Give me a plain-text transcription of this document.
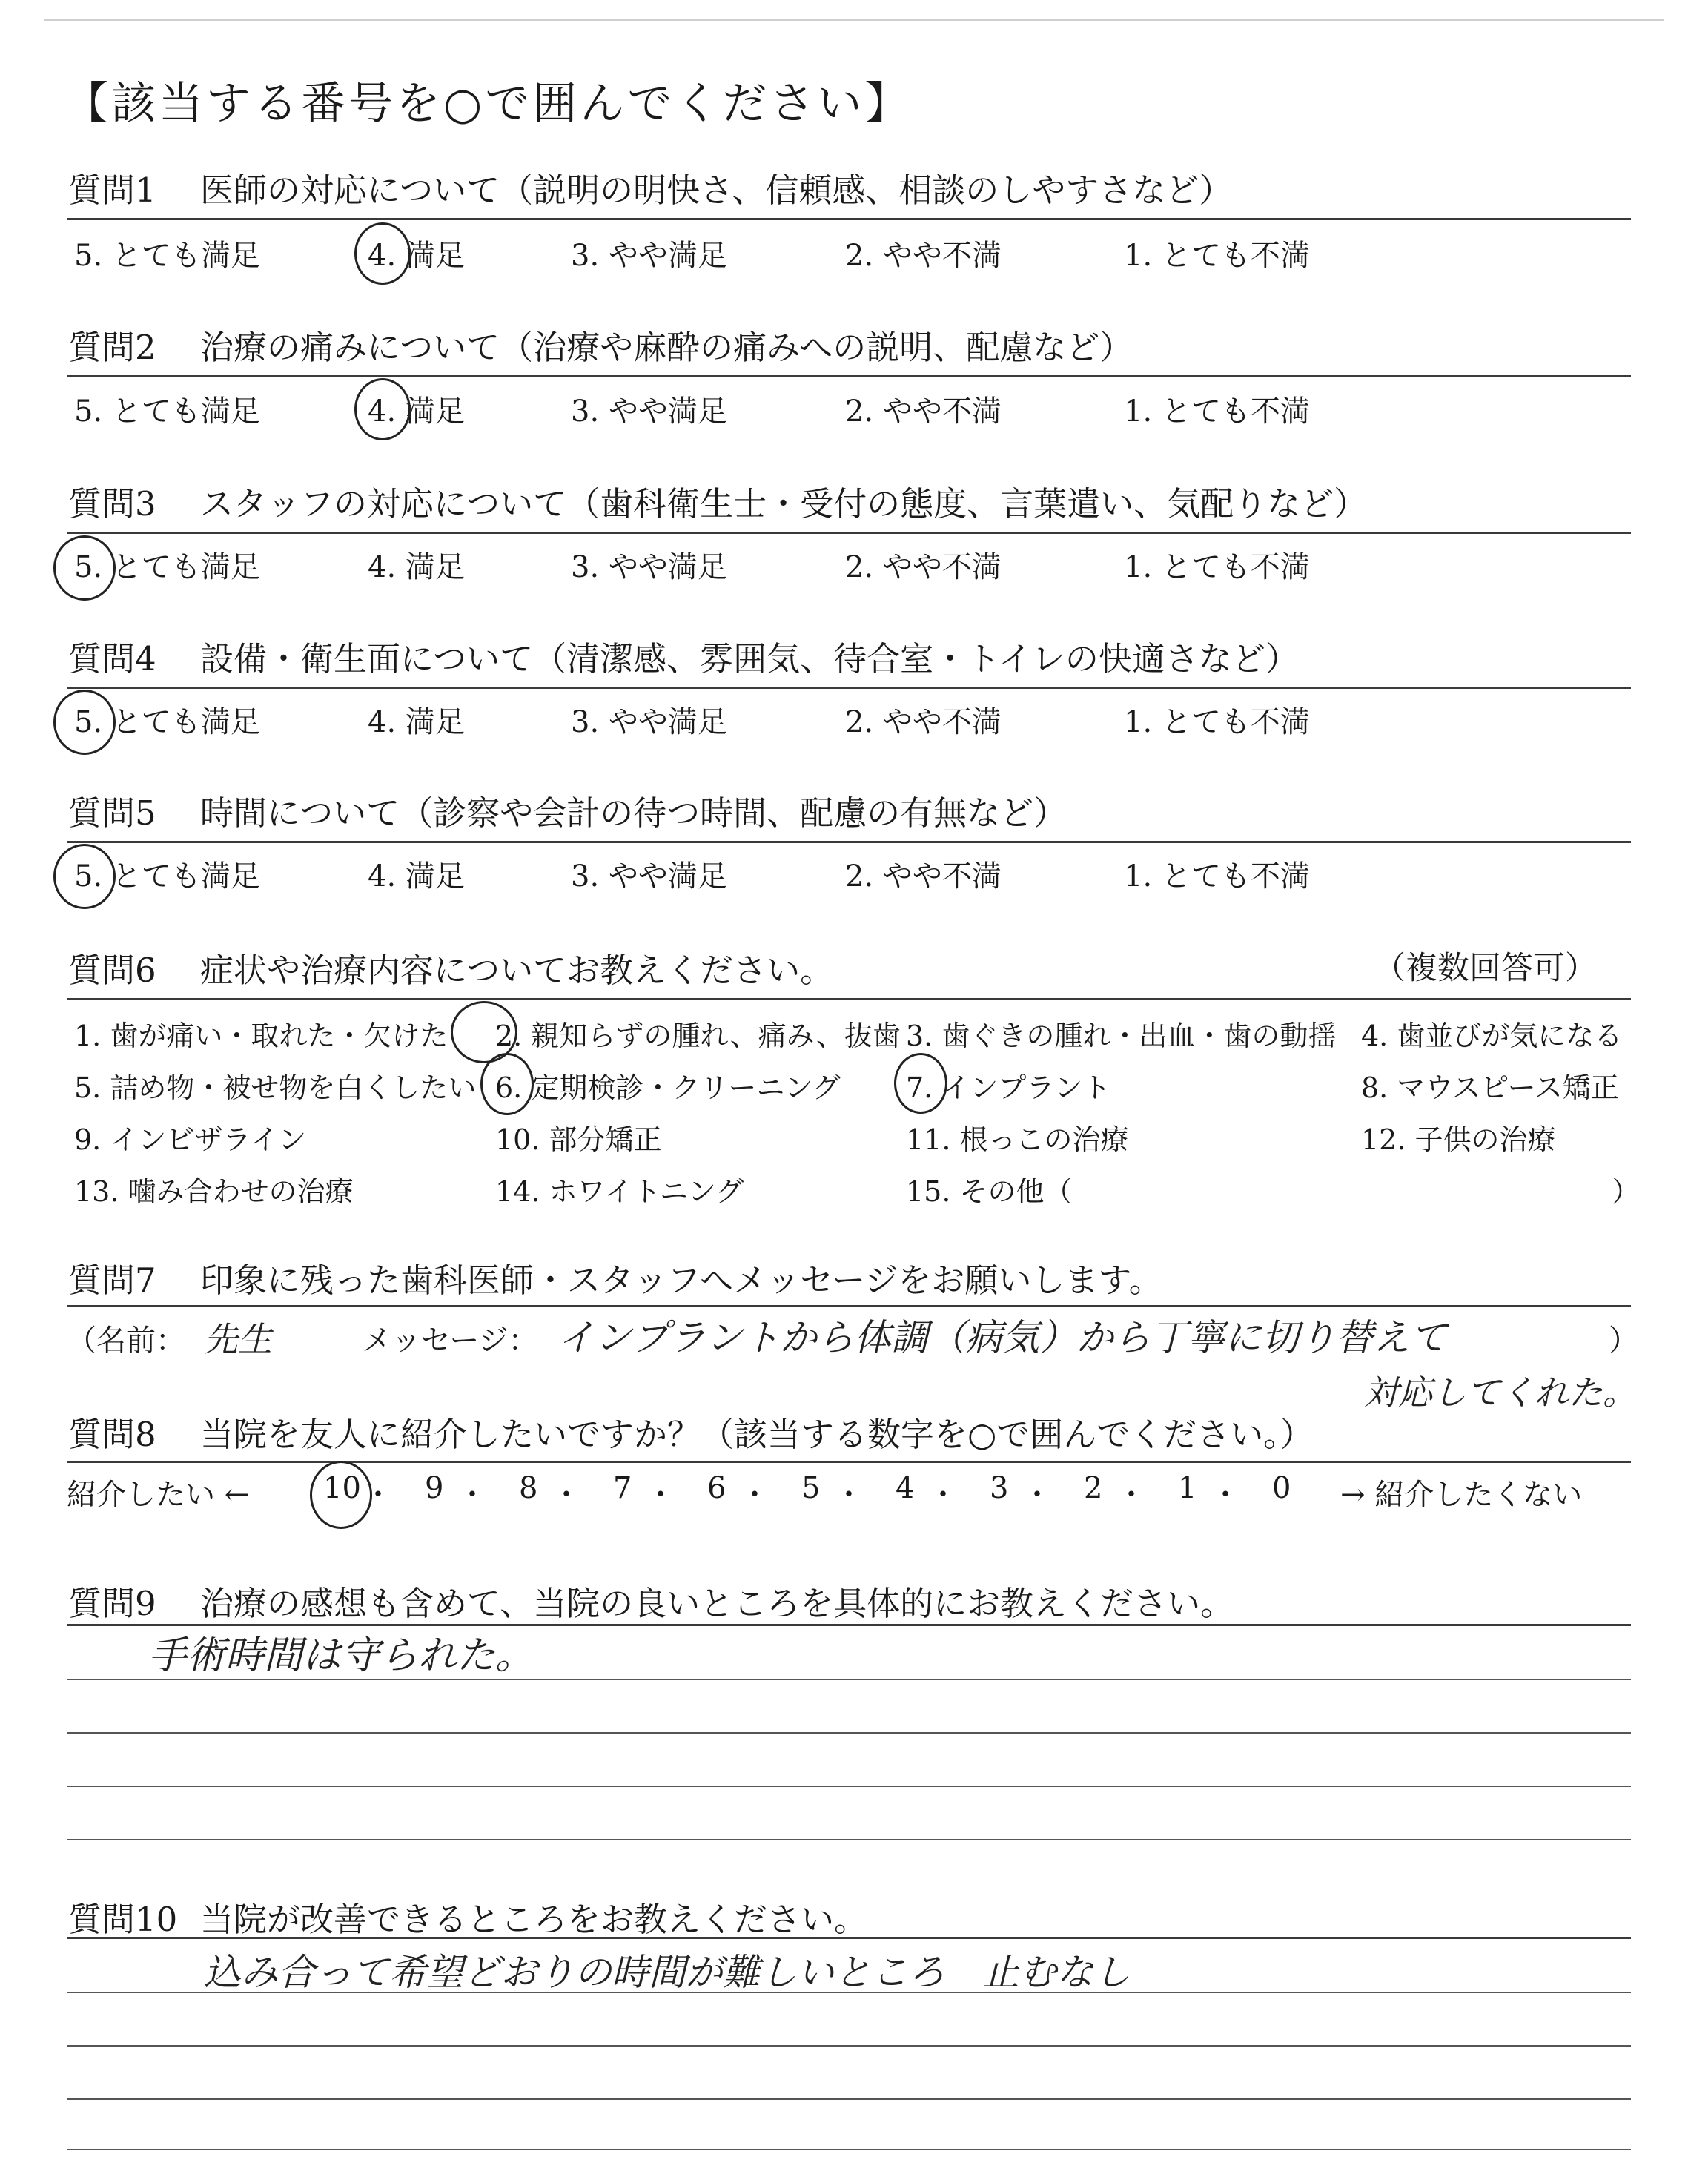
【該当する番号を○で囲んでください】
質問1 医師の対応について（説明の明快さ、信頼感、相談のしやすさなど）
5. とても満足	4. 満足	3. やや満足	2. やや不満	1. とても不満
質問2 治療の痛みについて（治療や麻酔の痛みへの説明、配慮など）
5. とても満足	4. 満足	3. やや満足	2. やや不満	1. とても不満
質問3 スタッフの対応について（歯科衛生士・受付の態度、言葉遣い、気配りなど）
5. とても満足	4. 満足	3. やや満足	2. やや不満	1. とても不満
質問4 設備・衛生面について（清潔感、雰囲気、待合室・トイレの快適さなど）
5. とても満足	4. 満足	3. やや満足	2. やや不満	1. とても不満
質問5 時間について（診察や会計の待つ時間、配慮の有無など）
5. とても満足	4. 満足	3. やや満足	2. やや不満	1. とても不満
質問6 症状や治療内容についてお教えください。	（複数回答可）
1. 歯が痛い・取れた・欠けた 2. 親知らずの腫れ、痛み、抜歯 3. 歯ぐきの腫れ・出血・歯の動揺 4. 歯並びが気になる
5. 詰め物・被せ物を白くしたい 6. 定期検診・クリーニング 7. インプラント	8. マウスピース矯正
9. インビザライン	10. 部分矯正	11. 根っこの治療	12. 子供の治療
13. 噛み合わせの治療	14. ホワイトニング	15. その他（	）
質問7 印象に残った歯科医師・スタッフへメッセージをお願いします。
（名前： 先生	メッセージ： インプラントから体調（病気）から丁寧に切り替えて
対応してくれた。
）
質問8 当院を友人に紹介したいですか？（該当する数字を○で囲んでください。）
紹介したい ←	→ 紹介したくない
10 ・ 9 ・ 8 ・ 7 ・ 6 ・ 5 ・ 4 ・ 3 ・ 2 ・ 1 ・ 0
質問9 治療の感想も含めて、当院の良いところを具体的にお教えください。
手術時間は守られた。
質問10 当院が改善できるところをお教えください。
込み合って希望どおりの時間が難しいところ　止むなし
